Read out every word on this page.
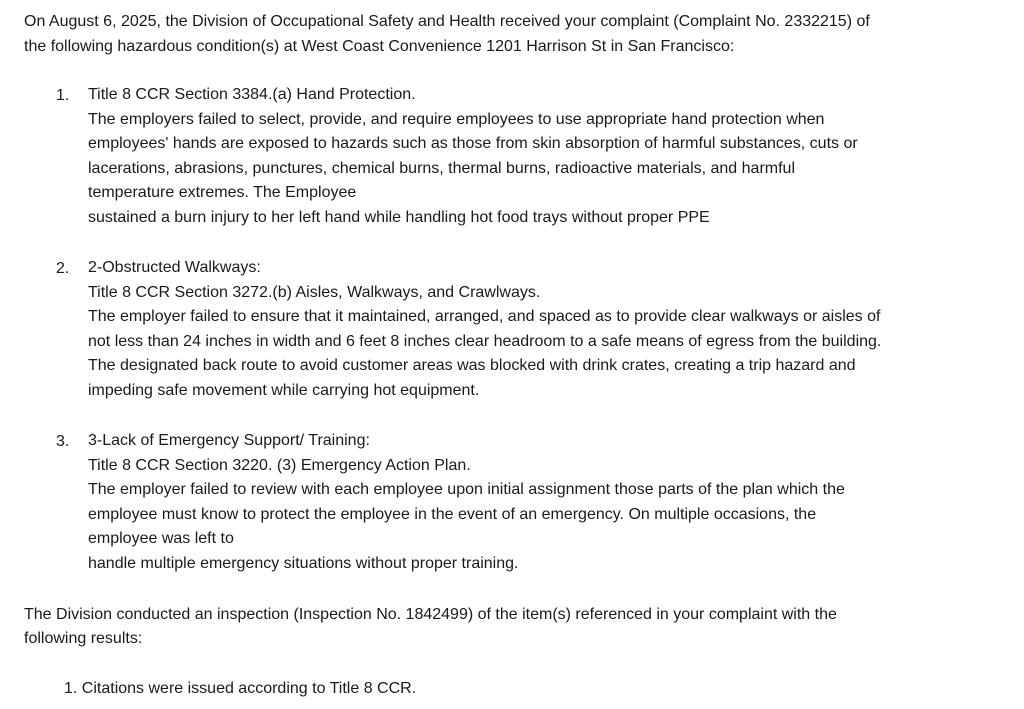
On August 6, 2025, the Division of Occupational Safety and Health received your complaint (Complaint No. 2332215) of
the following hazardous condition(s) at West Coast Convenience 1201 Harrison St in San Francisco:

1. Title 8 CCR Section 3384.(a) Hand Protection.
The employers failed to select, provide, and require employees to use appropriate hand protection when
employees' hands are exposed to hazards such as those from skin absorption of harmful substances, cuts or
lacerations, abrasions, punctures, chemical burns, thermal burns, radioactive materials, and harmful
temperature extremes. The Employee
sustained a burn injury to her left hand while handling hot food trays without proper PPE
2. 2-Obstructed Walkways:
Title 8 CCR Section 3272.(b) Aisles, Walkways, and Crawlways.
The employer failed to ensure that it maintained, arranged, and spaced as to provide clear walkways or aisles of
not less than 24 inches in width and 6 feet 8 inches clear headroom to a safe means of egress from the building.
The designated back route to avoid customer areas was blocked with drink crates, creating a trip hazard and
impeding safe movement while carrying hot equipment.
3. 3-Lack of Emergency Support/ Training:
Title 8 CCR Section 3220. (3) Emergency Action Plan.
The employer failed to review with each employee upon initial assignment those parts of the plan which the
employee must know to protect the employee in the event of an emergency. On multiple occasions, the
employee was left to
handle multiple emergency situations without proper training.

The Division conducted an inspection (Inspection No. 1842499) of the item(s) referenced in your complaint with the
following results:

1. Citations were issued according to Title 8 CCR.
